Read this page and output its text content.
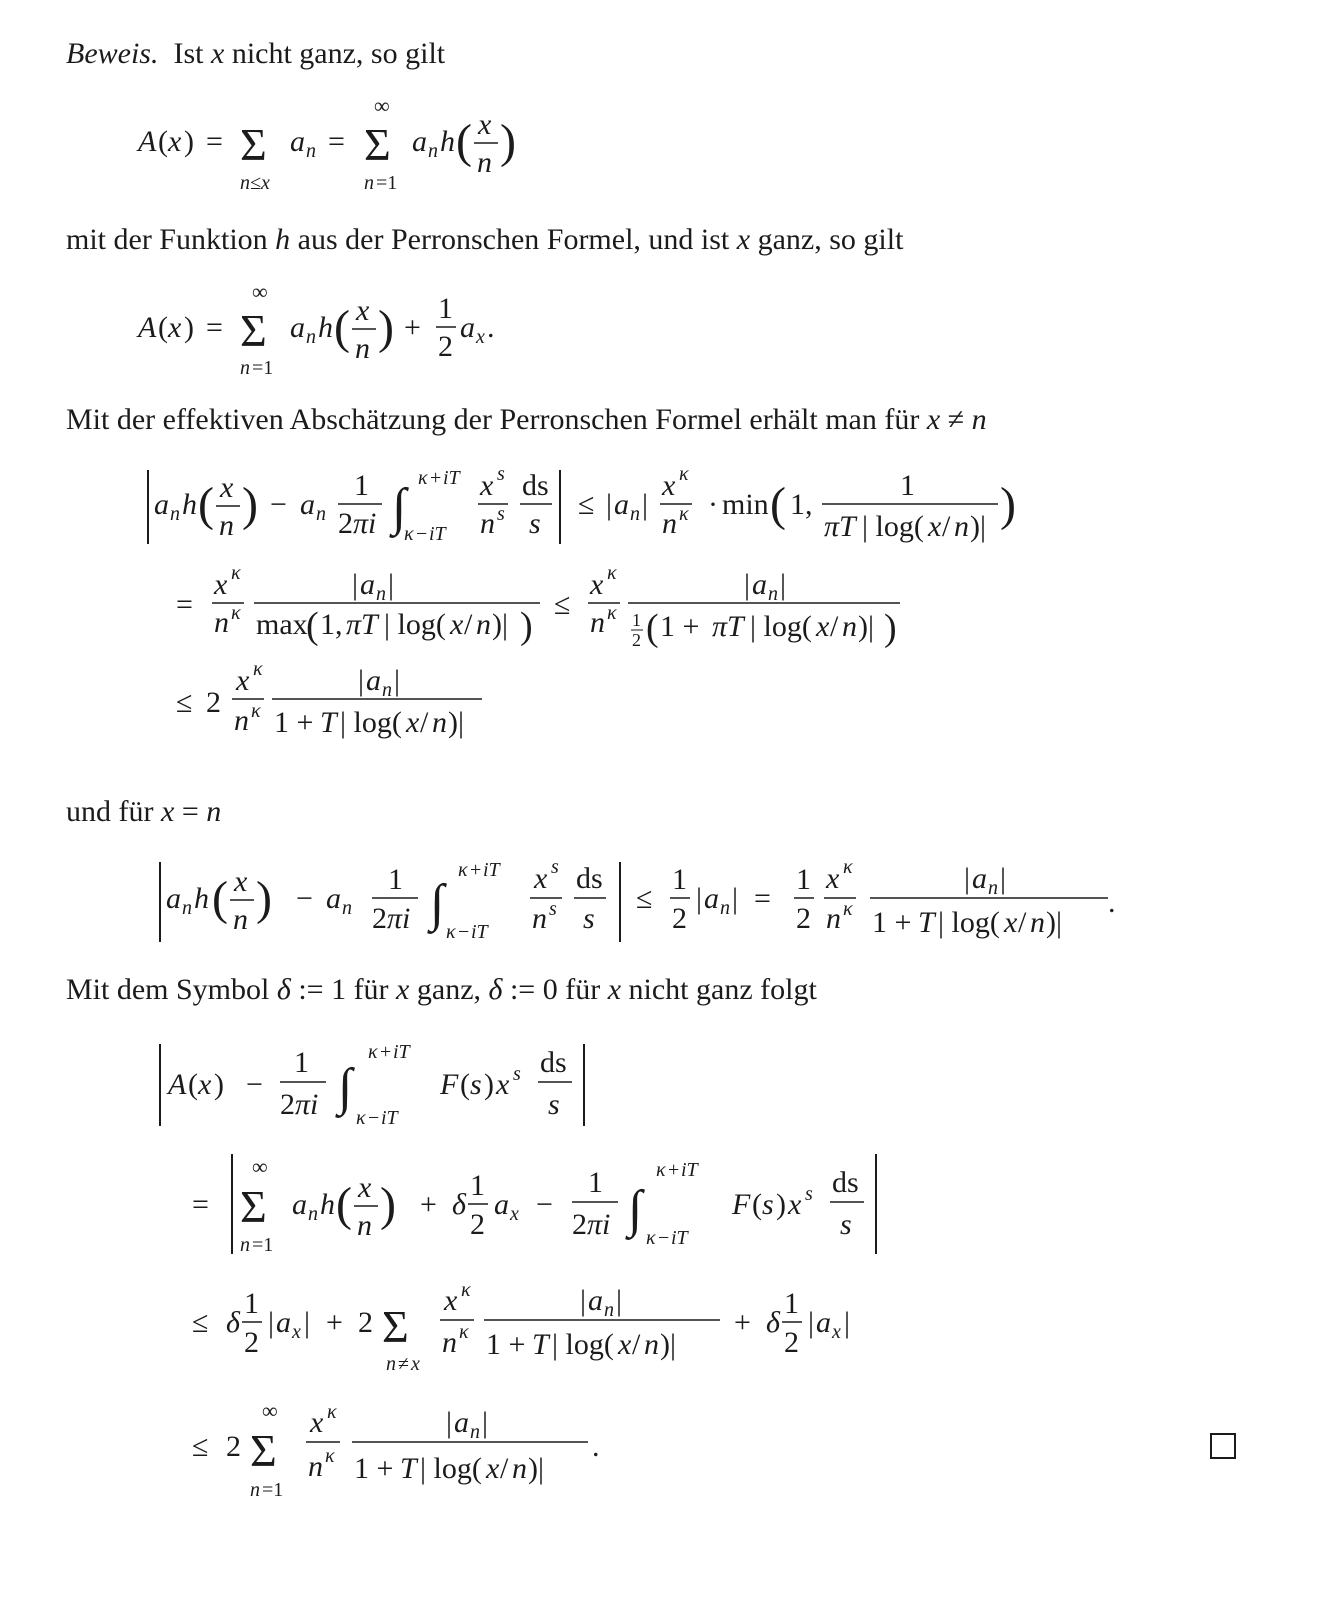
Beweis.  Ist x nicht ganz, so gilt
A ( x ) = Σ
n≤x
a n = Σ
∞
n =1
a n h ( x
n )
mit der Funktion h aus der Perronschen Formel, und ist x ganz, so gilt
A ( x ) = Σ
∞
n =1
a n h ( x
n ) +
1
2
a x .
Mit der effektiven Abschätzung der Perronschen Formel erhält man für x ≠ n
a n h ( x
n ) − a n
1
2 πi ∫
κ + iT
κ − iT
x s
n s
ds
s
≤ | a n |
x κ
n κ · min ( 1,
1
πT | log( x / n )| )
=
x κ
n κ
| a n |
max
( 1, πT | log( x / n )| )
≤
x κ
n κ
| a n |
1
2 ( 1 + πT | log( x / n )| )
≤ 2
x κ
n κ
| a n |
1 + T | log( x / n )|
und für x = n
a n h ( x
n ) − a n
1
2 πi ∫
κ + iT
κ − iT
x s
n s
ds
s
≤
1
2
| a n | =
1
2
x κ
n κ
| a n |
1 + T | log( x / n )|
.
Mit dem Symbol δ := 1 für x ganz, δ := 0 für x nicht ganz folgt
A ( x ) −
1
2 πi ∫
κ + iT
κ − iT
F ( s ) x s ds
s
= Σ
∞
n =1
a n h ( x
n ) + δ
1
2
a x −
1
2 πi ∫
κ + iT
κ − iT
F ( s ) x s ds
s
≤ δ
1
2
| a x | + 2 Σ
n ≠ x
x κ
n κ
| a n |
1 + T | log( x / n )|
+ δ
1
2
| a x |
≤ 2 Σ
∞
n =1
x κ
n κ
| a n |
1 + T | log( x / n )|
.
